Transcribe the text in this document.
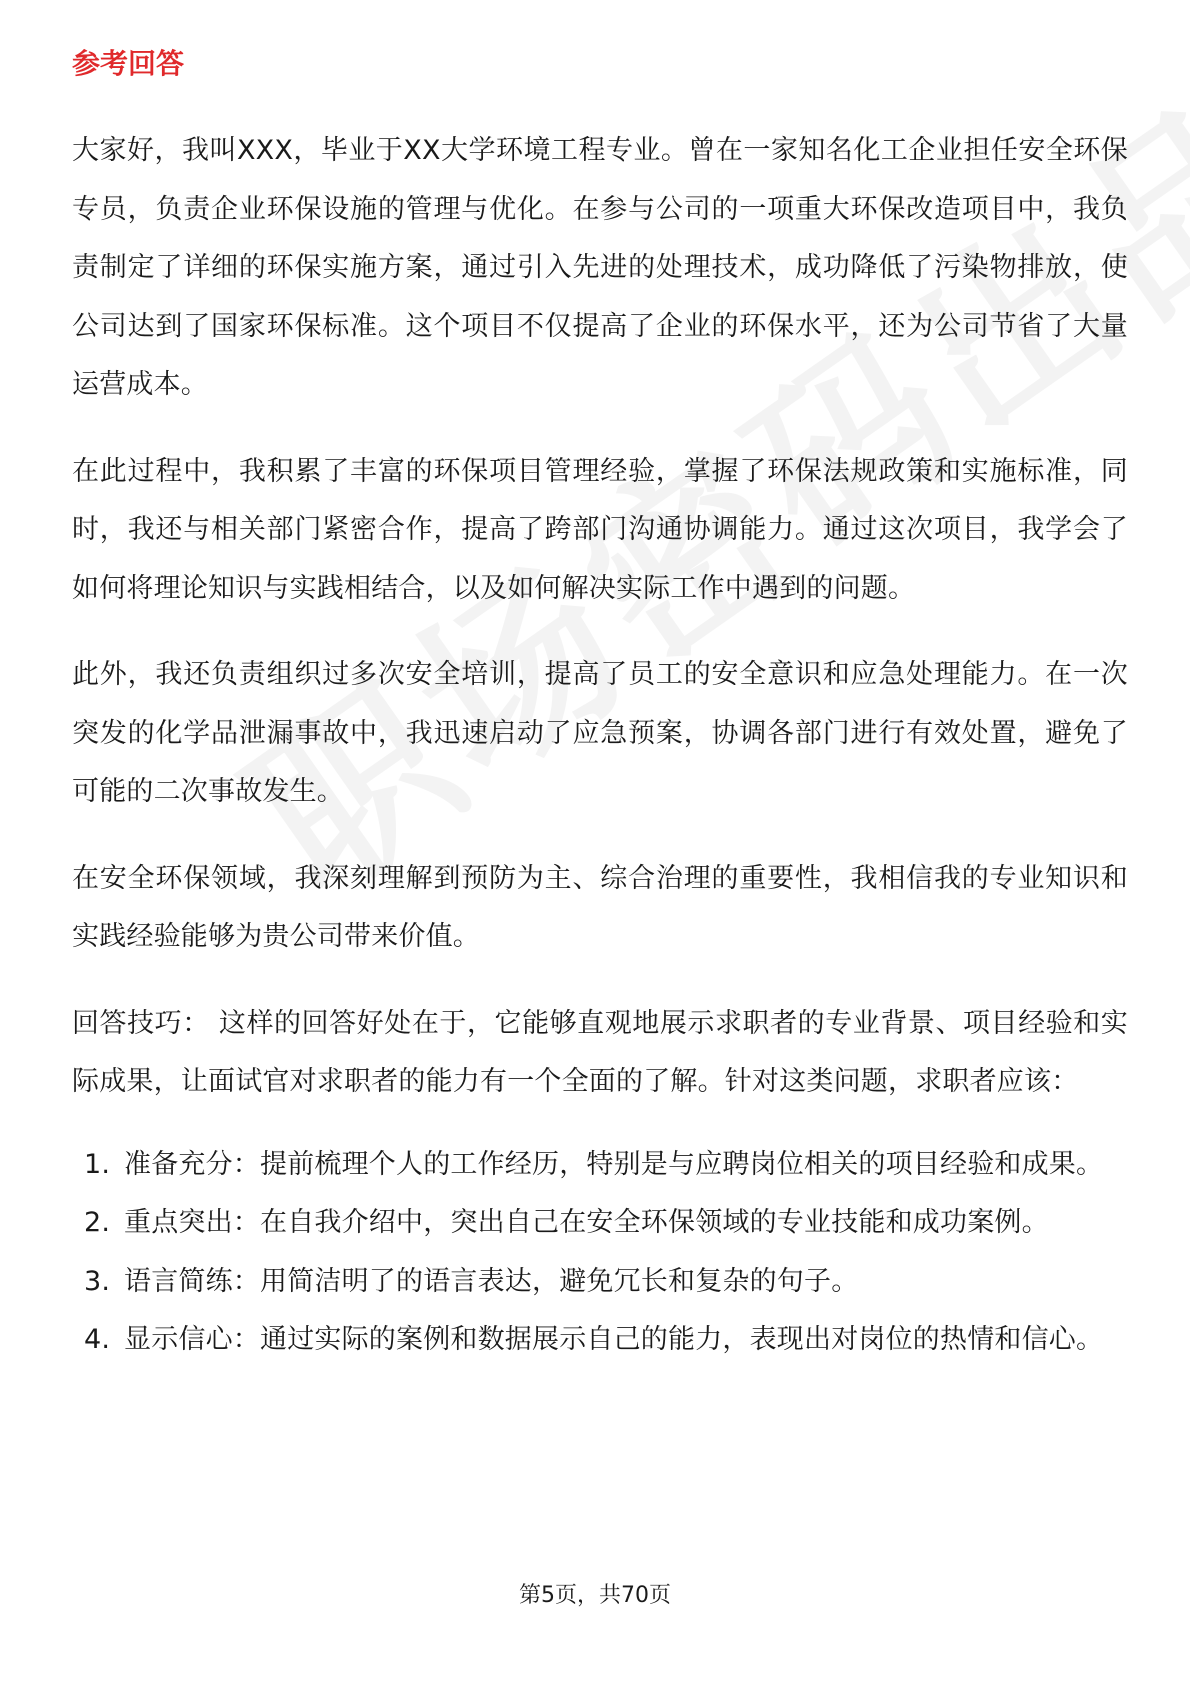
参考回答

大家好，我叫XXX，毕业于XX大学环境工程专业。曾在一家知名化工企业担任安全环保专员，负责企业环保设施的管理与优化。在参与公司的一项重大环保改造项目中，我负责制定了详细的环保实施方案，通过引入先进的处理技术，成功降低了污染物排放，使公司达到了国家环保标准。这个项目不仅提高了企业的环保水平，还为公司节省了大量运营成本。

在此过程中，我积累了丰富的环保项目管理经验，掌握了环保法规政策和实施标准，同时，我还与相关部门紧密合作，提高了跨部门沟通协调能力。通过这次项目，我学会了如何将理论知识与实践相结合，以及如何解决实际工作中遇到的问题。

此外，我还负责组织过多次安全培训，提高了员工的安全意识和应急处理能力。在一次突发的化学品泄漏事故中，我迅速启动了应急预案，协调各部门进行有效处置，避免了可能的二次事故发生。

在安全环保领域，我深刻理解到预防为主、综合治理的重要性，我相信我的专业知识和实践经验能够为贵公司带来价值。

回答技巧： 这样的回答好处在于，它能够直观地展示求职者的专业背景、项目经验和实际成果，让面试官对求职者的能力有一个全面的了解。针对这类问题，求职者应该：

1. 准备充分：提前梳理个人的工作经历，特别是与应聘岗位相关的项目经验和成果。
2. 重点突出：在自我介绍中，突出自己在安全环保领域的专业技能和成功案例。
3. 语言简练：用简洁明了的语言表达，避免冗长和复杂的句子。
4. 显示信心：通过实际的案例和数据展示自己的能力，表现出对岗位的热情和信心。
第5页，共70页
